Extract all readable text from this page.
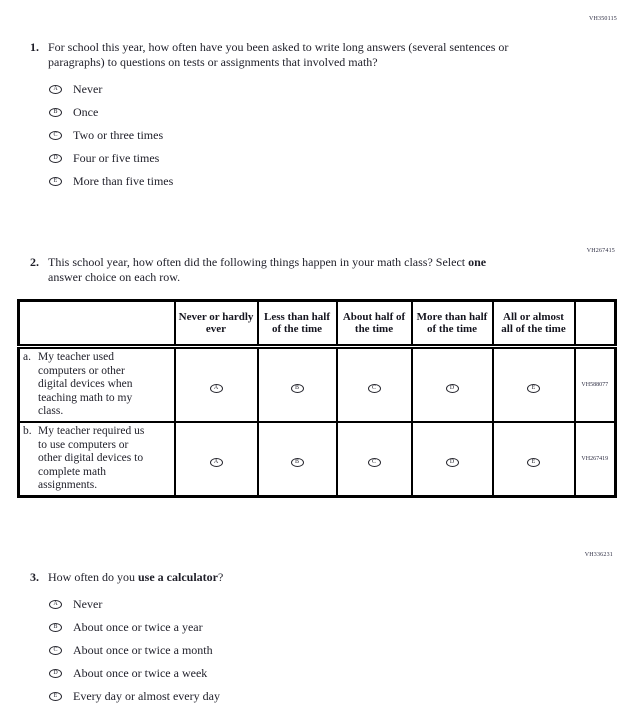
VH350115
VH267415
VH336231
1. For school this year, how often have you been asked to write long answers (several sentences or paragraphs) to questions on tests or assignments that involved math?

A Never
B Once
C Two or three times
D Four or five times
E More than five times
2. This school year, how often did the following things happen in your math class? Select one answer choice on each row.

	Never or hardly ever	Less than half of the time	About half of the time	More than half of the time	All or almost all of the time	

a. My teacher used computers or other digital devices when teaching math to my class.	A	B	C	D	E	VH588077

b. My teacher required us to use computers or other digital devices to complete math assignments.	A	B	C	D	E	VH267419
3. How often do you use a calculator?

A Never
B About once or twice a year
C About once or twice a month
D About once or twice a week
E Every day or almost every day
